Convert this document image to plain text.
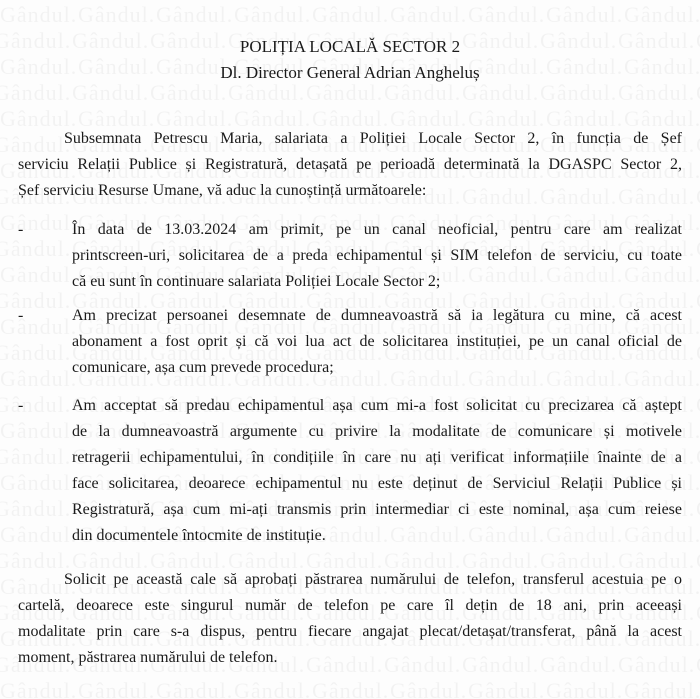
POLIȚIA LOCALĂ SECTOR 2
Dl. Director General Adrian Angheluș
Subsemnata Petrescu Maria, salariata a Poliției Locale Sector 2, în funcția de Șef
serviciu Relații Publice și Registratură, detașată pe perioadă determinată la DGASPC Sector 2,
Șef serviciu Resurse Umane, vă aduc la cunoștință următoarele:
-	În data de 13.03.2024 am primit, pe un canal neoficial, pentru care am realizat
printscreen-uri, solicitarea de a preda echipamentul și SIM telefon de serviciu, cu toate
că eu sunt în continuare salariata Poliției Locale Sector 2;
-	Am precizat persoanei desemnate de dumneavoastră să ia legătura cu mine, că acest
abonament a fost oprit și că voi lua act de solicitarea instituției, pe un canal oficial de
comunicare, așa cum prevede procedura;
-	Am acceptat să predau echipamentul așa cum mi-a fost solicitat cu precizarea că aștept
de la dumneavoastră argumente cu privire la modalitate de comunicare și motivele
retragerii echipamentului, în condițiile în care nu ați verificat informațiile înainte de a
face solicitarea, deoarece echipamentul nu este deținut de Serviciul Relații Publice și
Registratură, așa cum mi-ați transmis prin intermediar ci este nominal, așa cum reiese
din documentele întocmite de instituție.
Solicit pe această cale să aprobați păstrarea numărului de telefon, transferul acestuia pe o
cartelă, deoarece este singurul număr de telefon pe care îl dețin de 18 ani, prin aceeași
modalitate prin care s-a dispus, pentru fiecare angajat plecat/detașat/transferat, până la acest
moment, păstrarea numărului de telefon.
